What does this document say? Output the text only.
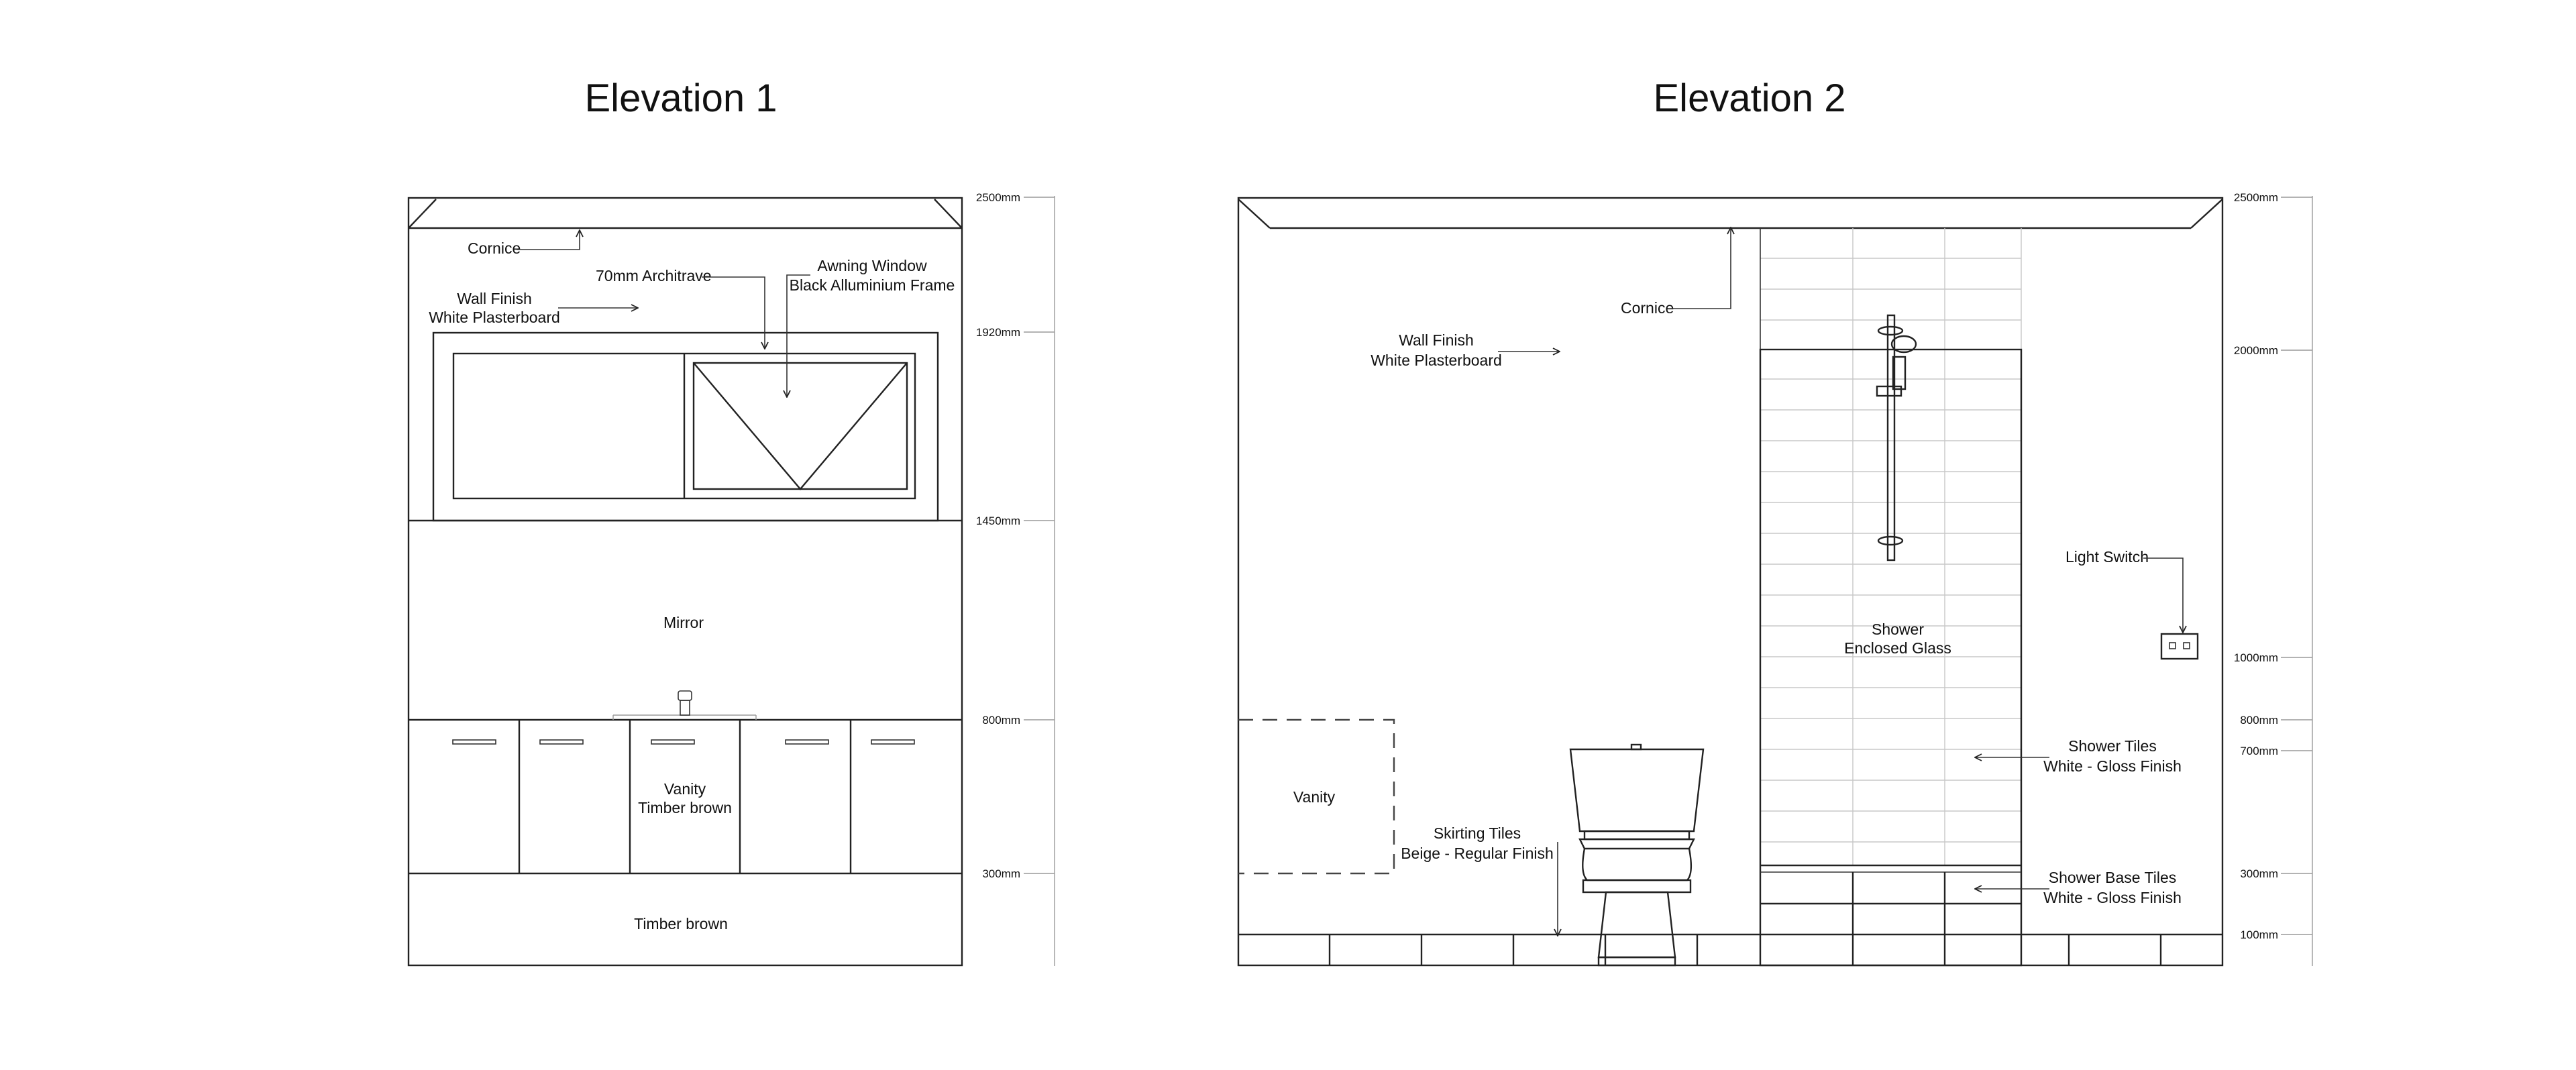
Elevation 1
Cornice
70mm Architrave
Wall Finish
White Plasterboard
Awning Window
Black Alluminium Frame
Mirror
Vanity
Timber brown
Timber brown
2500mm
1920mm
1450mm
800mm
300mm
Elevation 2
Wall Finish
White Plasterboard
Cornice
Light Switch
Shower
Enclosed Glass
Shower Tiles
White - Gloss Finish
Shower Base Tiles
White - Gloss Finish
Skirting Tiles
Beige - Regular Finish
Vanity
2500mm
2000mm
1000mm
800mm
700mm
300mm
100mm
